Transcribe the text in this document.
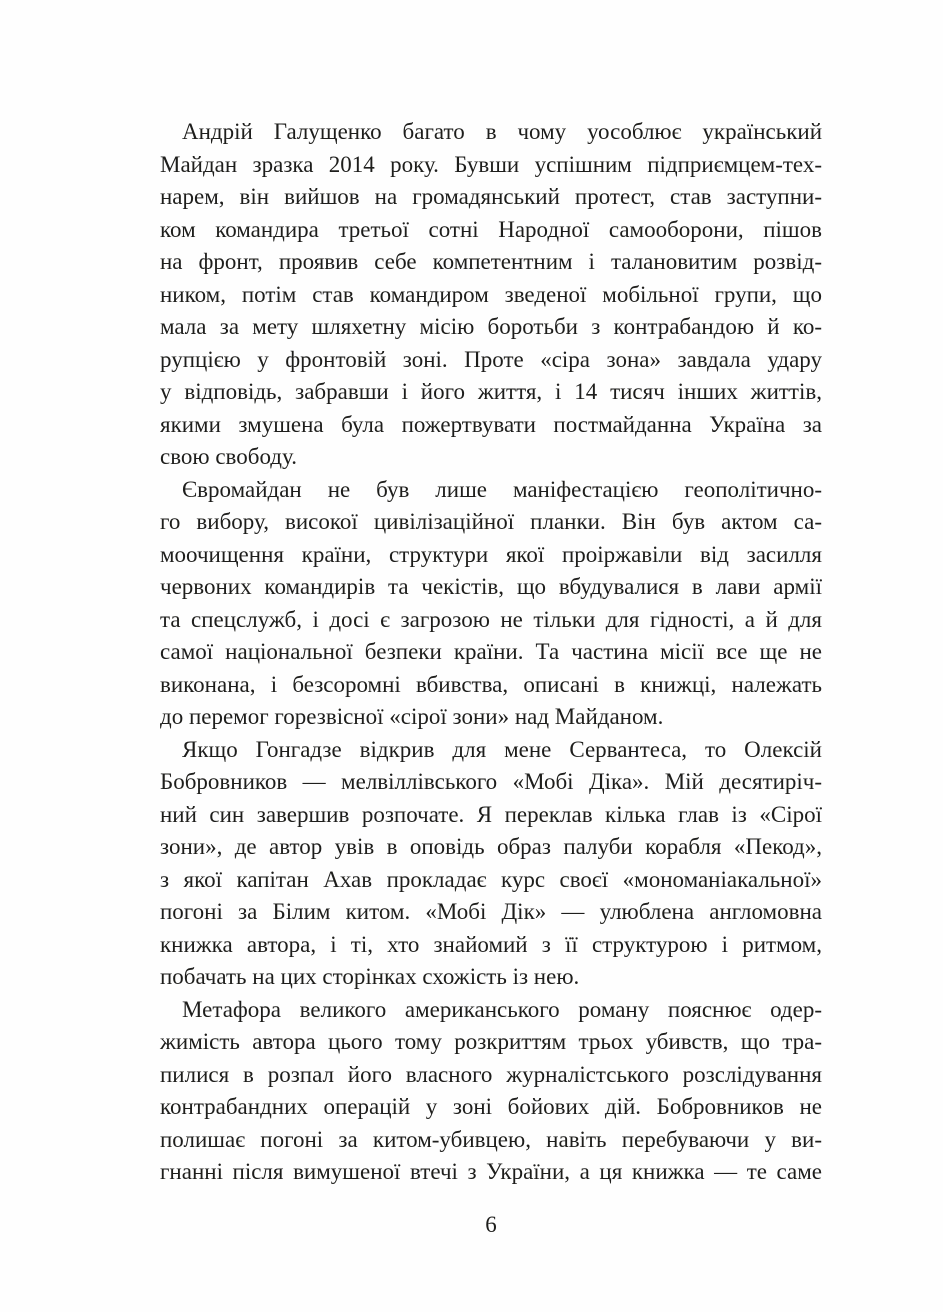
Андрій Галущенко багато в чому уособлює український
Майдан зразка 2014 року. Бувши успішним підприємцем-тех-
нарем, він вийшов на громадянський протест, став заступни-
ком командира третьої сотні Народної самооборони, пішов
на фронт, проявив себе компетентним і талановитим розвід-
ником, потім став командиром зведеної мобільної групи, що
мала за мету шляхетну місію боротьби з контрабандою й ко-
рупцією у фронтовій зоні. Проте «сіра зона» завдала удару
у відповідь, забравши і його життя, і 14 тисяч інших життів,
якими змушена була пожертвувати постмайданна Україна за
свою свободу.
Євромайдан не був лише маніфестацією геополітично-
го вибору, високої цивілізаційної планки. Він був актом са-
моочищення країни, структури якої проіржавіли від засилля
червоних командирів та чекістів, що вбудувалися в лави армії
та спецслужб, і досі є загрозою не тільки для гідності, а й для
самої національної безпеки країни. Та частина місії все ще не
виконана, і безсоромні вбивства, описані в книжці, належать
до перемог горезвісної «сірої зони» над Майданом.
Якщо Гонгадзе відкрив для мене Сервантеса, то Олексій
Бобровников — мелвіллівського «Мобі Діка». Мій десятиріч-
ний син завершив розпочате. Я переклав кілька глав із «Сірої
зони», де автор увів в оповідь образ палуби корабля «Пекод»,
з якої капітан Ахав прокладає курс своєї «мономаніакальної»
погоні за Білим китом. «Мобі Дік» — улюблена англомовна
книжка автора, і ті, хто знайомий з її структурою і ритмом,
побачать на цих сторінках схожість із нею.
Метафора великого американського роману пояснює одер-
жимість автора цього тому розкриттям трьох убивств, що тра-
пилися в розпал його власного журналістського розслідування
контрабандних операцій у зоні бойових дій. Бобровников не
полишає погоні за китом-убивцею, навіть перебуваючи у ви-
гнанні після вимушеної втечі з України, а ця книжка — те саме
6
